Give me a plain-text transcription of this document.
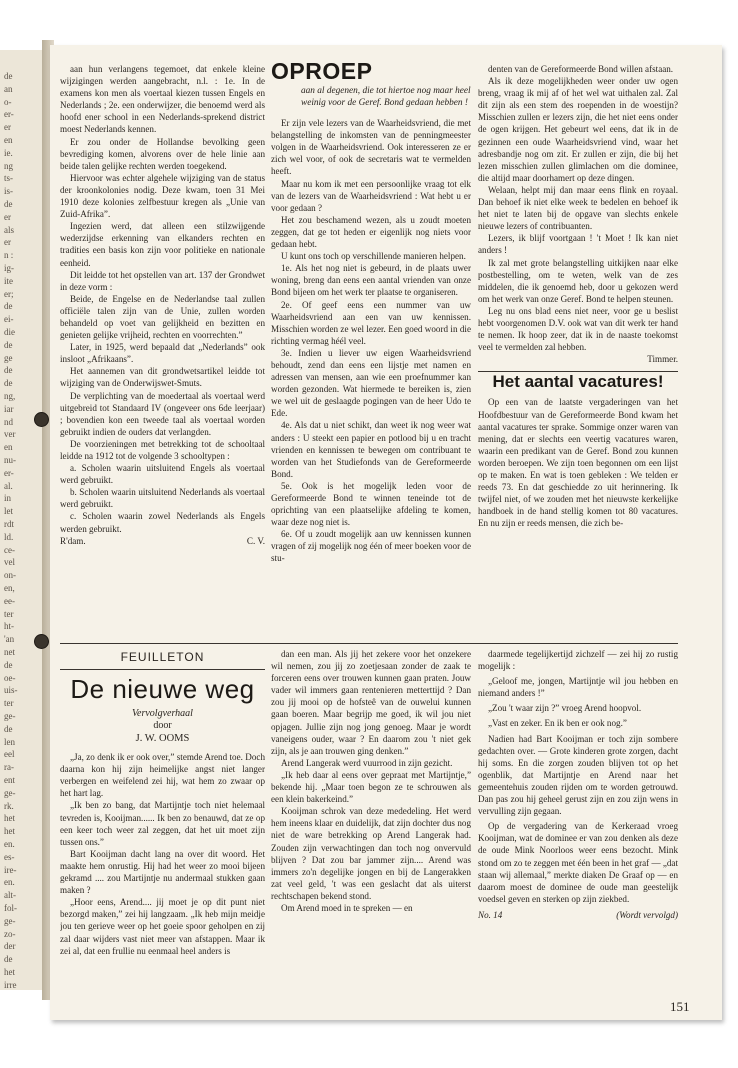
de
an
o-
er-
er
en
ie.
ng
ts-
is-
de
er
als
er
n :
ig-
ite
er;
de
ei-
die
de
ge
de
de
ng,
iar
nd
ver
en
nu-
er-
al.
in
let
rdt
ld.
ce-
vel
on-
en,
ee-
ter
ht-
'an
net
de
oe-
uis-
ter
ge-
de
len
eel
ra-
ent
ge-
rk.
het
het
en.
es-
ire-
en.
alt-
fol-
ge-
zo-
der
de
het
irre

aan hun verlangens tegemoet, dat enkele kleine wijzigingen werden aangebracht, n.l. : 1e. In de examens kon men als voertaal kiezen tussen Engels en Nederlands ; 2e. een onderwijzer, die benoemd werd als hoofd ener school in een Nederlands-sprekend district moest Nederlands kennen.

Er zou onder de Hollandse bevolking geen bevrediging komen, alvorens over de hele linie aan beide talen gelijke rechten werden toegekend.

Hiervoor was echter algehele wijziging van de status der kroonkolonies nodig. Deze kwam, toen 31 Mei 1910 deze kolonies zelfbestuur kregen als „Unie van Zuid-Afrika”.

Ingezien werd, dat alleen een stilzwijgende wederzijdse erkenning van elkanders rechten en tradities een basis kon zijn voor politieke en nationale eenheid.

Dit leidde tot het opstellen van art. 137 der Grondwet in deze vorm :

Beide, de Engelse en de Nederlandse taal zullen officiële talen zijn van de Unie, zullen worden behandeld op voet van gelijkheid en bezitten en genieten gelijke vrijheid, rechten en voorrechten.”

Later, in 1925, werd bepaald dat „Nederlands” ook insloot „Afrikaans”.

Het aannemen van dit grondwetsartikel leidde tot wijziging van de Onderwijswet-Smuts.

De verplichting van de moedertaal als voertaal werd uitgebreid tot Standaard IV (ongeveer ons 6de leerjaar) ; bovendien kon een tweede taal als voertaal worden gebruikt indien de ouders dat verlangden.

De voorzieningen met betrekking tot de schooltaal leidde na 1912 tot de volgende 3 schooltypen :

a. Scholen waarin uitsluitend Engels als voertaal werd gebruikt.

b. Scholen waarin uitsluitend Nederlands als voertaal werd gebruikt.

c. Scholen waarin zowel Nederlands als Engels werden gebruikt.

R'dam.	C. V.
OPROEP
aan al degenen, die tot hiertoe nog maar heel weinig voor de Geref. Bond gedaan hebben !

Er zijn vele lezers van de Waarheidsvriend, die met belangstelling de inkomsten van de penningmeester volgen in de Waarheidsvriend. Ook interesseren ze er zich wel voor, of ook de secretaris wat te vermelden heeft.

Maar nu kom ik met een persoonlijke vraag tot elk van de lezers van de Waarheidsvriend : Wat hebt u er voor gedaan ?

Het zou beschamend wezen, als u zoudt moeten zeggen, dat ge tot heden er eigenlijk nog niets voor gedaan hebt.

U kunt ons toch op verschillende manieren helpen.

1e. Als het nog niet is gebeurd, in de plaats uwer woning, breng dan eens een aantal vrienden van onze Bond bijeen om het werk ter plaatse te organiseren.

2e. Of geef eens een nummer van uw Waarheidsvriend aan een van uw kennissen. Misschien worden ze wel lezer. Een goed woord in die richting vermag héél veel.

3e. Indien u liever uw eigen Waarheidsvriend behoudt, zend dan eens een lijstje met namen en adressen van mensen, aan wie een proefnummer kan worden gezonden. Wat hiermede te bereiken is, zien we wel uit de geslaagde pogingen van de heer Udo te Ede.

4e. Als dat u niet schikt, dan weet ik nog weer wat anders : U steekt een papier en potlood bij u en tracht vrienden en kennissen te bewegen om contribuant te worden van het Studiefonds van de Gereformeerde Bond.

5e. Ook is het mogelijk leden voor de Gereformeerde Bond te winnen teneinde tot de oprichting van een plaatselijke afdeling te komen, waar deze nog niet is.

6e. Of u zoudt mogelijk aan uw kennissen kunnen vragen of zij mogelijk nog één of meer boeken voor de stu-

denten van de Gereformeerde Bond willen afstaan.

Als ik deze mogelijkheden weer onder uw ogen breng, vraag ik mij af of het wel wat uithalen zal. Zal dit zijn als een stem des roependen in de woestijn? Misschien zullen er lezers zijn, die het niet eens onder de ogen krijgen. Het gebeurt wel eens, dat ik in de gezinnen een oude Waarheidsvriend vind, waar het adresbandje nog om zit. Er zullen er zijn, die bij het lezen misschien zullen glimlachen om die dominee, die altijd maar doorhamert op deze dingen.

Welaan, helpt mij dan maar eens flink en royaal. Dan behoef ik niet elke week te bedelen en behoef ik het niet te laten bij de opgave van slechts enkele nieuwe lezers of contribuanten.

Lezers, ik blijf voortgaan ! 't Moet ! Ik kan niet anders !

Ik zal met grote belangstelling uitkijken naar elke postbestelling, om te weten, welk van de zes middelen, die ik genoemd heb, door u gekozen werd om het werk van onze Geref. Bond te helpen steunen.

Leg nu ons blad eens niet neer, voor ge u beslist hebt voorgenomen D.V. ook wat van dit werk ter hand te nemen. Ik hoop zeer, dat ik in de naaste toekomst veel te vermelden zal hebben.

Timmer.
Het aantal vacatures!

Op een van de laatste vergaderingen van het Hoofdbestuur van de Gereformeerde Bond kwam het aantal vacatures ter sprake. Sommige onzer waren van mening, dat er slechts een veertig vacatures waren, waarin een predikant van de Geref. Bond zou kunnen worden beroepen. We zijn toen begonnen om een lijst op te maken. En wat is toen gebleken : We telden er reeds 73. En dat geschiedde zo uit herinnering. Ik twijfel niet, of we zouden met het nieuwste kerkelijke handboek in de hand stellig komen tot 80 vacatures. En nu zijn er reeds mensen, die zich be-

FEUILLETON
De nieuwe weg
Vervolgverhaal
door
J. W. OOMS

„Ja, zo denk ik er ook over,” stemde Arend toe. Doch daarna kon hij zijn heimelijke angst niet langer verbergen en weifelend zei hij, wat hem zo zwaar op het hart lag.

„Ik ben zo bang, dat Martijntje toch niet helemaal tevreden is, Kooijman...... Ik ben zo benauwd, dat ze op een keer toch weer zal zeggen, dat het uit moet zijn tussen ons.”

Bart Kooijman dacht lang na over dit woord. Het maakte hem onrustig. Hij had het weer zo mooi bijeen gekramd .... zou Martijntje nu andermaal stukken gaan maken ?

„Hoor eens, Arend.... jij moet je op dit punt niet bezorgd maken,” zei hij langzaam. „Ik heb mijn meidje jou ten gerieve weer op het goeie spoor geholpen en zij zal daar wijders vast niet meer van afstappen. Maar ik zei al, dat een frullie nu eenmaal heel anders is

dan een man. Als jij het zekere voor het onzekere wil nemen, zou jij zo zoetjesaan zonder de zaak te forceren eens over trouwen kunnen gaan praten. Jouw vader wil immers gaan rentenieren metterttijd ? Dan zou jij mooi op de hofsteê van de ouwelui kunnen gaan boeren. Maar begrijp me goed, ik wil jou niet opjagen. Jullie zijn nog jong genoeg. Maar je wordt vaneigens ouder, waar ? En daarom zou 't niet gek zijn, als je aan trouwen ging denken.”

Arend Langerak werd vuurrood in zijn gezicht.

„Ik heb daar al eens over gepraat met Martijntje,” bekende hij. „Maar toen begon ze te schrouwen als een klein bakerkeind.”

Kooijman schrok van deze mededeling. Het werd hem ineens klaar en duidelijk, dat zijn dochter dus nog niet de ware betrekking op Arend Langerak had. Zouden zijn verwachtingen dan toch nog onvervuld blijven ? Dat zou bar jammer zijn.... Arend was immers zo'n degelijke jongen en bij de Langerakken zat veel geld, 't was een geslacht dat als uiterst rechtschapen bekend stond.

Om Arend moed in te spreken — en

daarmede tegelijkertijd zichzelf — zei hij zo rustig mogelijk :

„Geloof me, jongen, Martijntje wil jou hebben en niemand anders !”

„Zou 't waar zijn ?” vroeg Arend hoopvol.

„Vast en zeker. En ik ben er ook nog.”

Nadien had Bart Kooijman er toch zijn sombere gedachten over. — Grote kinderen grote zorgen, dacht hij soms. En die zorgen zouden blijven tot op het ogenblik, dat Martijntje en Arend naar het gemeentehuis zouden rijden om te worden getrouwd. Dan pas zou hij geheel gerust zijn en zou zijn wens in vervulling zijn gegaan.

Op de vergadering van de Kerkeraad vroeg Kooijman, wat de dominee er van zou denken als deze de oude Mink Noorloos weer eens bezocht. Mink stond om zo te zeggen met één been in het graf — „dat staan wij allemaal,” merkte diaken De Graaf op — en daarom moest de dominee de oude man geestelijk voedsel geven en sterken op zijn ziekbed.

No. 14	(Wordt vervolgd)
151
